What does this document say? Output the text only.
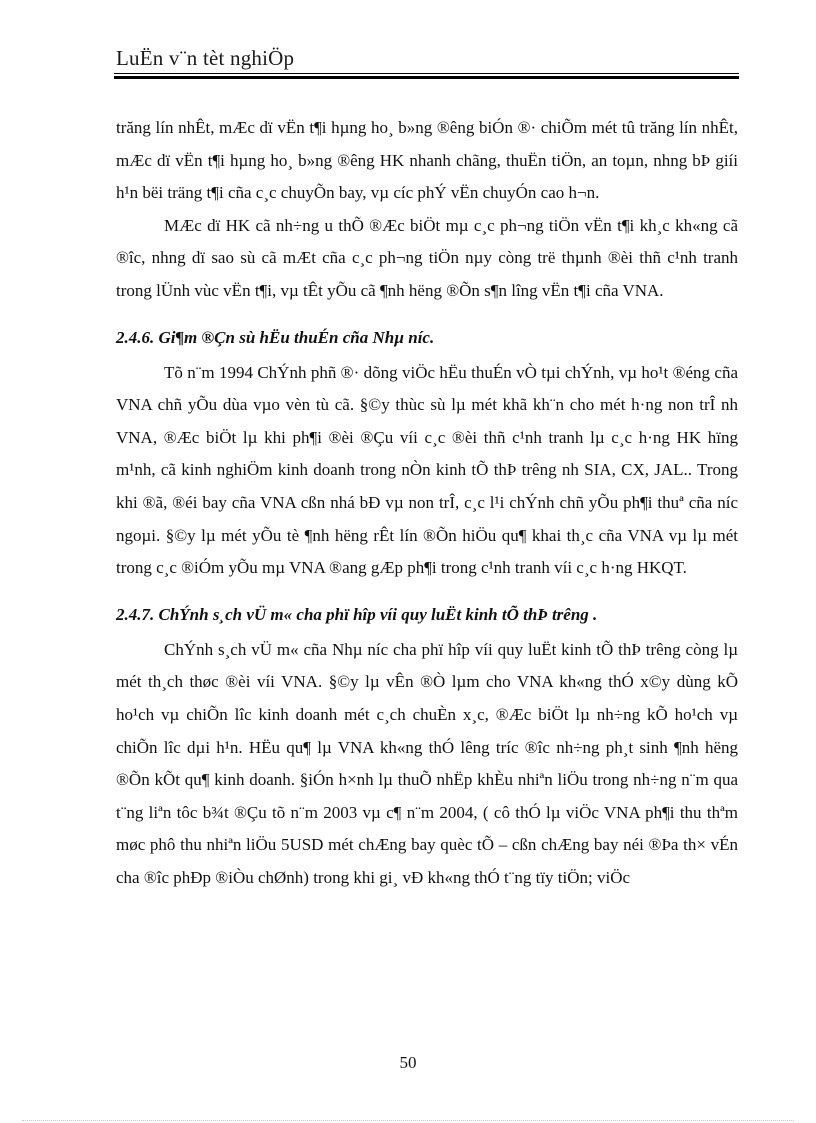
LuËn v¨n tèt nghiÖp

trăng lín nhÊt, mÆc dï vËn t¶i hµng ho¸ b»ng ®êng biÓn ®· chiÕm mét tû trăng lín nhÊt, mÆc dï vËn t¶i hµng ho¸ b»ng ®êng HK nhanh chãng, thuËn tiÖn, an toµn, nhng bÞ giíi h¹n bëi träng t¶i cña c¸c chuyÕn bay, vµ cíc phÝ vËn chuyÓn cao h¬n.

MÆc dï HK cã nh÷ng u thÕ ®Æc biÖt mµ c¸c ph¬ng tiÖn vËn t¶i kh¸c kh«ng cã ®îc, nhng dï sao sù cã mÆt cña c¸c ph¬ng tiÖn nµy còng trë thµnh ®èi thñ c¹nh tranh trong lÜnh vùc vËn t¶i, vµ tÊt yÕu cã ¶nh hëng ®Õn s¶n lîng vËn t¶i cña VNA.

2.4.6. Gi¶m ®Çn sù hËu thuÉn cña Nhµ níc.

Tõ n¨m 1994 ChÝnh phñ ®· dõng viÖc hËu thuÉn vÒ tµi chÝnh, vµ ho¹t ®éng cña VNA chñ yÕu dùa vµo vèn tù cã. §©y thùc sù lµ mét khã kh¨n cho mét h·ng non trÎ nh VNA, ®Æc biÖt lµ khi ph¶i ®èi ®Çu víi c¸c ®èi thñ c¹nh tranh lµ c¸c h·ng HK hïng m¹nh, cã kinh nghiÖm kinh doanh trong nÒn kinh tÕ thÞ trêng nh SIA, CX, JAL.. Trong khi ®ã, ®éi bay cña VNA cßn nhá bÐ vµ non trÎ, c¸c l¹i chÝnh chñ yÕu ph¶i thuª cña níc ngoµi. §©y lµ mét yÕu tè ¶nh hëng rÊt lín ®Õn hiÖu qu¶ khai th¸c cña VNA vµ lµ mét trong c¸c ®iÓm yÕu mµ VNA ®ang gÆp ph¶i trong c¹nh tranh víi c¸c h·ng HKQT.

2.4.7. ChÝnh s¸ch vÜ m« cha phï hîp víi quy luËt kinh tÕ thÞ trêng .

ChÝnh s¸ch vÜ m« cña Nhµ níc cha phï hîp víi quy luËt kinh tÕ thÞ trêng còng lµ mét th¸ch thøc ®èi víi VNA. §©y lµ vÊn ®Ò lµm cho VNA kh«ng thÓ x©y dùng kÕ ho¹ch vµ chiÕn lîc kinh doanh mét c¸ch chuÈn x¸c, ®Æc biÖt lµ nh÷ng kÕ ho¹ch vµ chiÕn lîc dµi h¹n. HËu qu¶ lµ VNA kh«ng thÓ lêng tríc ®îc nh÷ng ph¸t sinh ¶nh hëng ®Õn kÕt qu¶ kinh doanh. §iÓn h×nh lµ thuÕ nhËp khÈu nhiªn liÖu trong nh÷ng n¨m qua t¨ng liªn tôc b¾t ®Çu tõ n¨m 2003 vµ c¶ n¨m 2004, ( cô thÓ lµ viÖc VNA ph¶i thu thªm møc phô thu nhiªn liÖu 5USD mét chÆng bay quèc tÕ – cßn chÆng bay néi ®Þa th× vÉn cha ®îc phÐp ®iÒu chØnh) trong khi gi¸ vÐ kh«ng thÓ t¨ng tïy tiÖn; viÖc

50
